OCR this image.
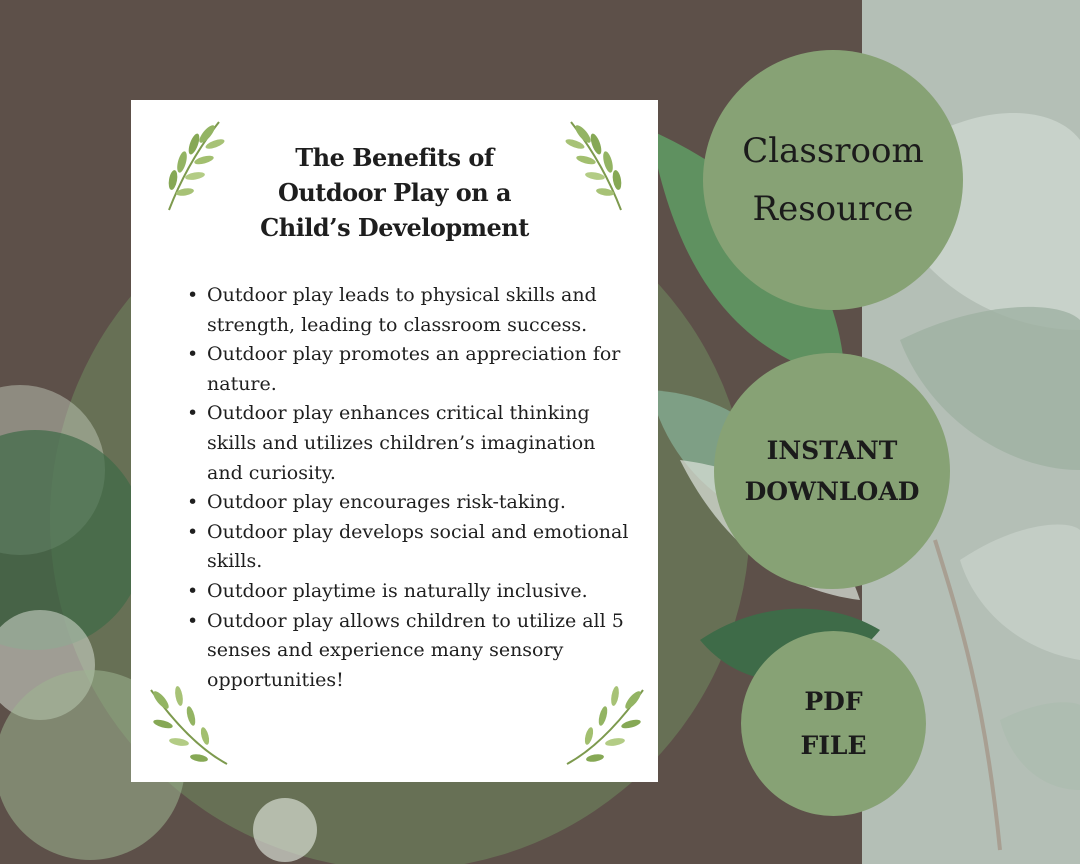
The Benefits of
Outdoor Play on a
Child’s Development
• Outdoor play leads to physical skills and strength, leading to classroom success.
• Outdoor play promotes an appreciation for nature.
• Outdoor play enhances critical thinking skills and utilizes children’s imagination and curiosity.
• Outdoor play encourages risk-taking.
• Outdoor play develops social and emotional skills.
• Outdoor playtime is naturally inclusive.
• Outdoor play allows children to utilize all 5 senses and experience many sensory opportunities!
Classroom
Resource
INSTANT
DOWNLOAD
PDF
FILE
